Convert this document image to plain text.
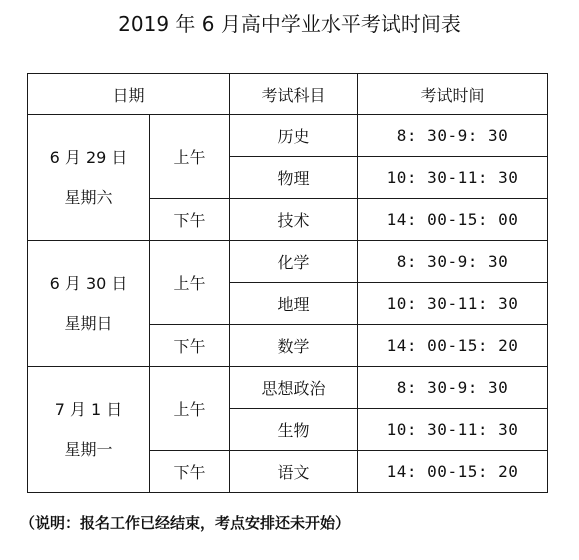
2019 年 6 月高中学业水平考试时间表
日期		考试科目	考试时间

6 月 29 日
星期六	上午	历史	8: 30-9: 30
		物理	10: 30-11: 30
	下午	技术	14: 00-15: 00

6 月 30 日
星期日	上午	化学	8: 30-9: 30
		地理	10: 30-11: 30
	下午	数学	14: 00-15: 20

7 月 1 日
星期一	上午	思想政治	8: 30-9: 30
		生物	10: 30-11: 30
	下午	语文	14: 00-15: 20
（说明：报名工作已经结束，考点安排还未开始）
